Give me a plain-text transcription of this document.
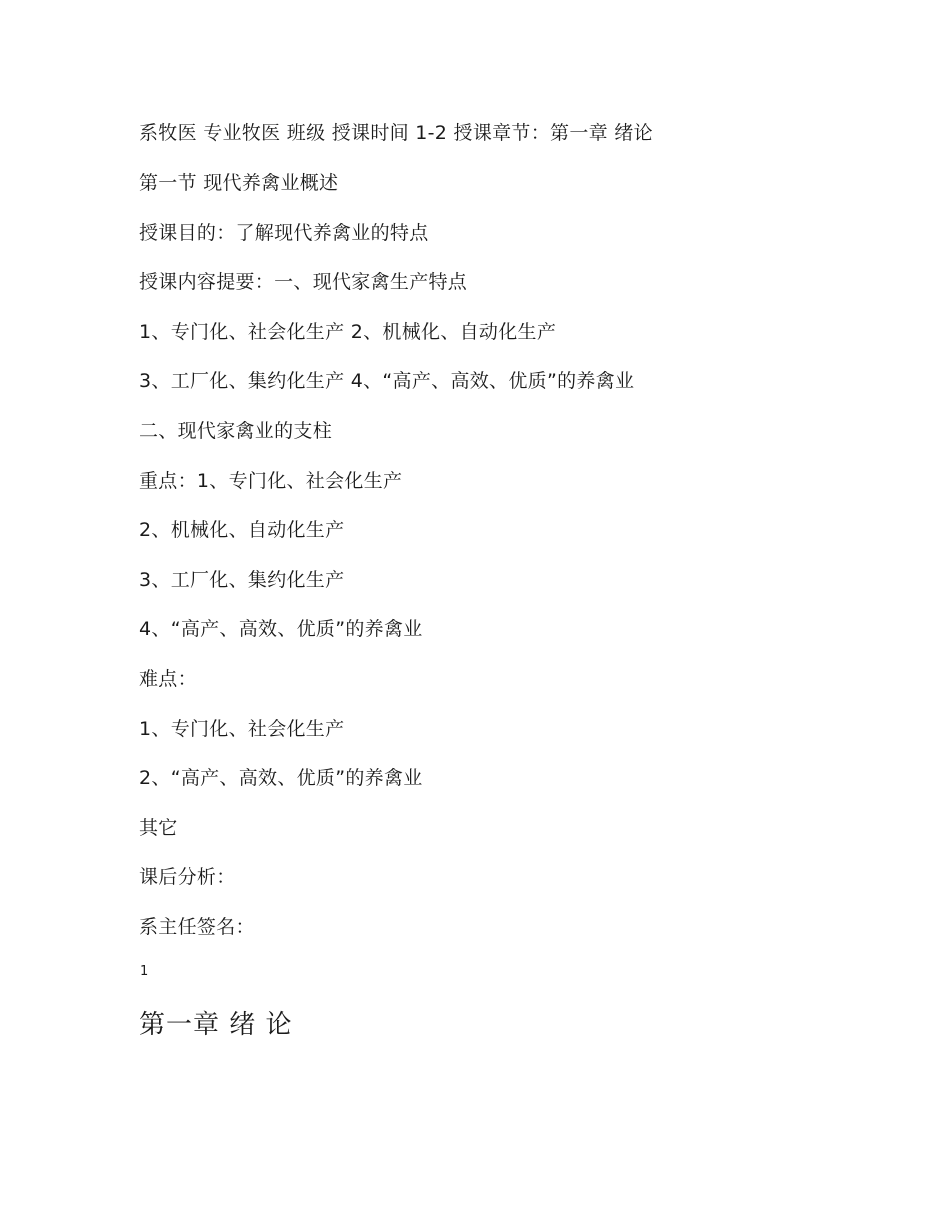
系牧医 专业牧医 班级 授课时间 1-2 授课章节：第一章 绪论
第一节 现代养禽业概述
授课目的：了解现代养禽业的特点
授课内容提要：一、现代家禽生产特点
1、专门化、社会化生产 2、机械化、自动化生产
3、工厂化、集约化生产 4、“高产、高效、优质”的养禽业
二、现代家禽业的支柱
重点：1、专门化、社会化生产
2、机械化、自动化生产
3、工厂化、集约化生产
4、“高产、高效、优质”的养禽业
难点：
1、专门化、社会化生产
2、“高产、高效、优质”的养禽业
其它
课后分析：
系主任签名：
1
第一章 绪 论
